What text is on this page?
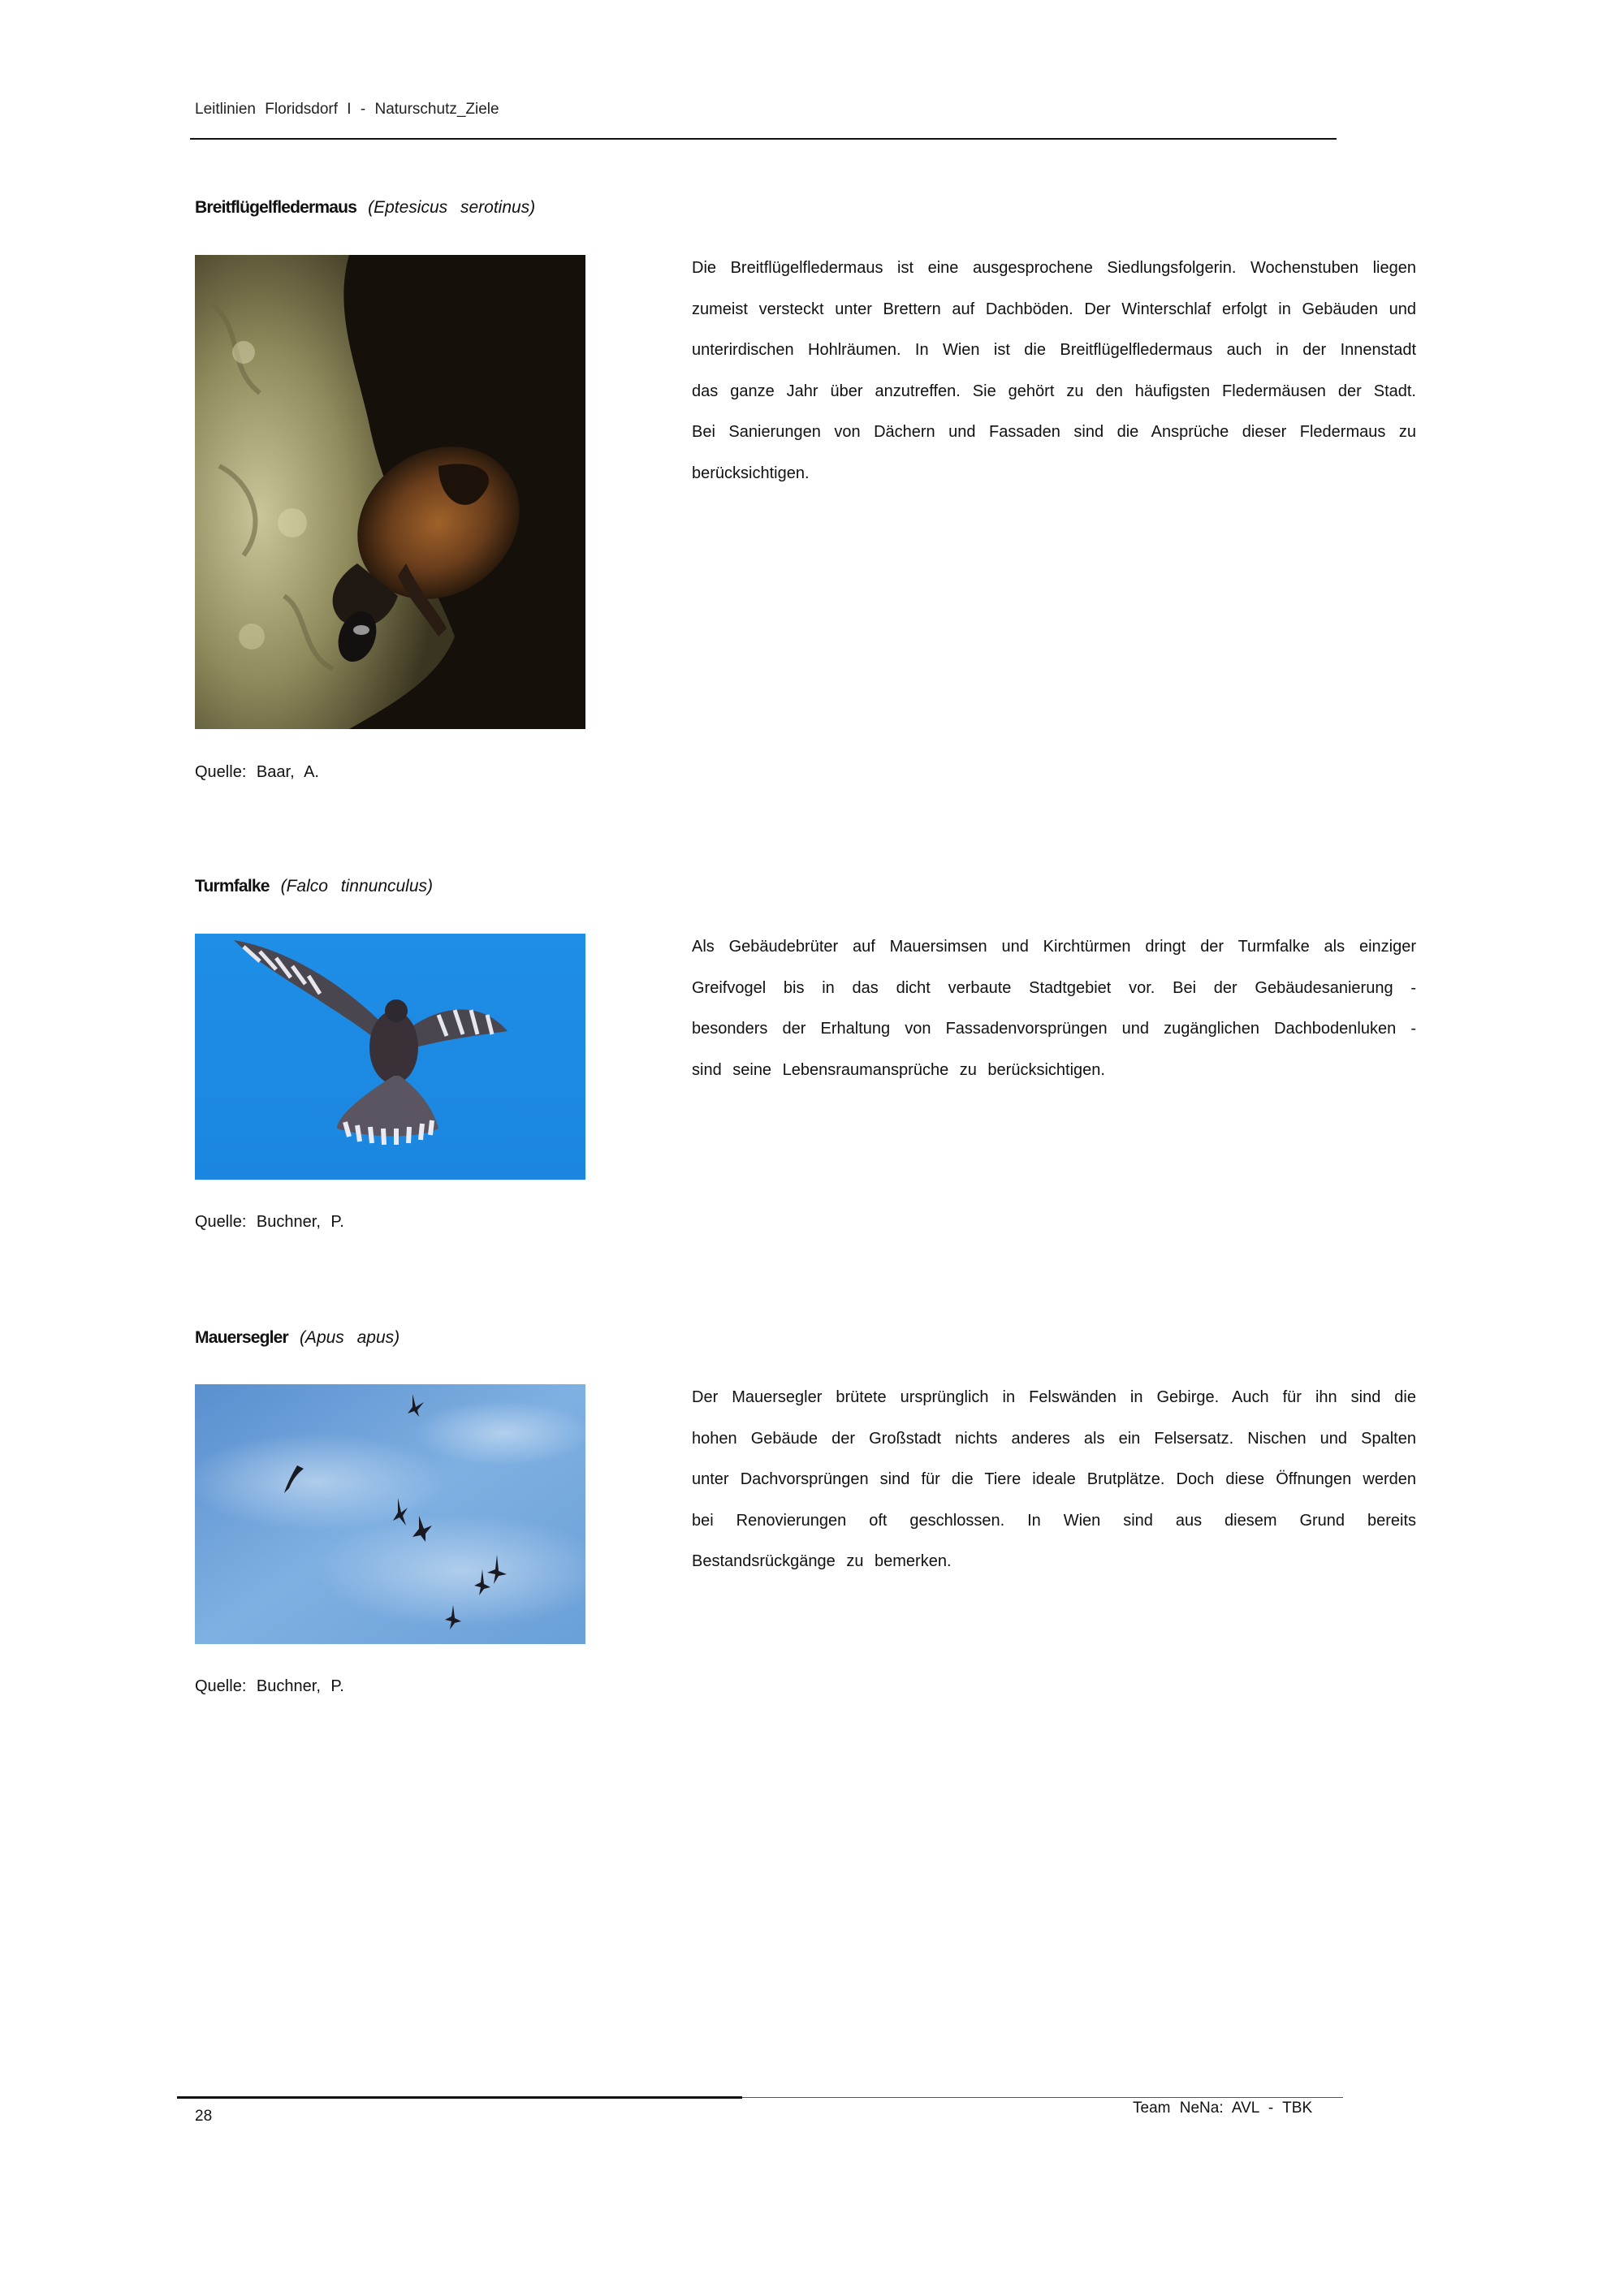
Leitlinien Floridsdorf I - Naturschutz_Ziele
Breitflügelfledermaus (Eptesicus serotinus)

Die Breitflügelfledermaus ist eine ausgesprochene Siedlungsfolgerin. Wochenstuben liegen zumeist versteckt unter Brettern auf Dachböden. Der Winterschlaf erfolgt in Gebäuden und unterirdischen Hohlräumen. In Wien ist die Breitflügelfledermaus auch in der Innenstadt das ganze Jahr über anzutreffen. Sie gehört zu den häufigsten Fledermäusen der Stadt. Bei Sanierungen von Dächern und Fassaden sind die Ansprüche dieser Fledermaus zu berücksichtigen.

Quelle: Baar, A.
Turmfalke (Falco tinnunculus)

Als Gebäudebrüter auf Mauersimsen und Kirchtürmen dringt der Turmfalke als einziger Greifvogel bis in das dicht verbaute Stadtgebiet vor. Bei der Gebäudesanierung - besonders der Erhaltung von Fassadenvorsprüngen und zugänglichen Dachbodenluken - sind seine Lebensraumansprüche zu berücksichtigen.

Quelle: Buchner, P.
Mauersegler (Apus apus)

Der Mauersegler brütete ursprünglich in Felswänden in Gebirge. Auch für ihn sind die hohen Gebäude der Großstadt nichts anderes als ein Felsersatz. Nischen und Spalten unter Dachvorsprüngen sind für die Tiere ideale Brutplätze. Doch diese Öffnungen werden bei Renovierungen oft geschlossen. In Wien sind aus diesem Grund bereits Bestandsrückgänge zu bemerken.

Quelle: Buchner, P.
28	Team NeNa: AVL - TBK
